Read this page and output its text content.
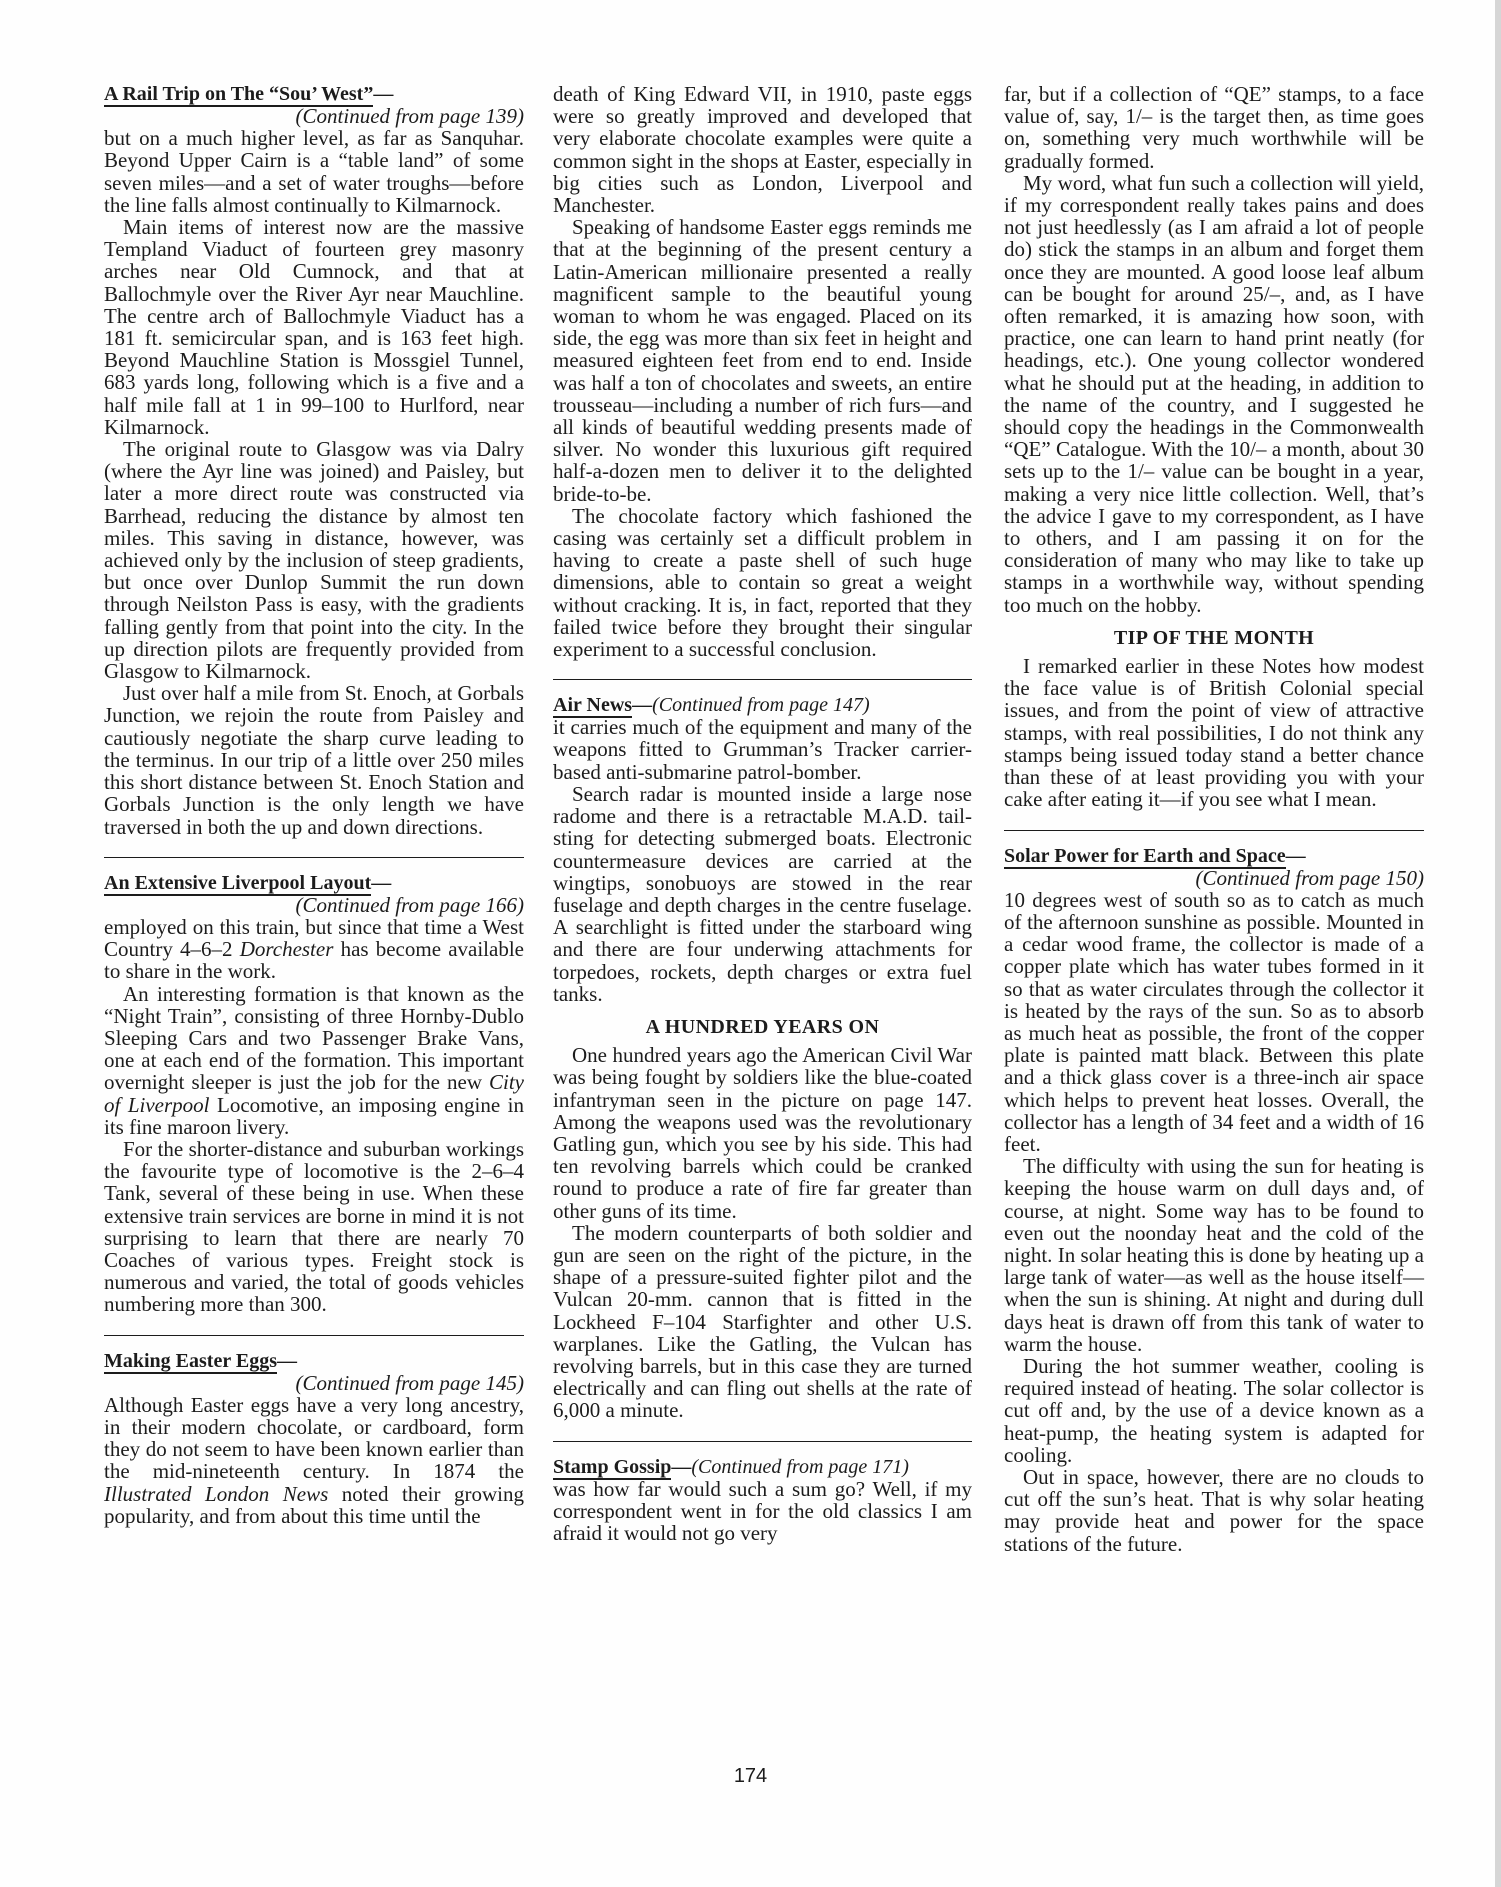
A Rail Trip on The “Sou’ West”—
(Continued from page 139)

but on a much higher level, as far as Sanquhar. Beyond Upper Cairn is a “table land” of some seven miles—and a set of water troughs—before the line falls almost continually to Kilmarnock.

Main items of interest now are the massive Templand Viaduct of fourteen grey masonry arches near Old Cumnock, and that at Ballochmyle over the River Ayr near Mauchline. The centre arch of Ballochmyle Viaduct has a 181 ft. semicircular span, and is 163 feet high. Beyond Mauchline Station is Mossgiel Tunnel, 683 yards long, following which is a five and a half mile fall at 1 in 99–100 to Hurlford, near Kilmarnock.

The original route to Glasgow was via Dalry (where the Ayr line was joined) and Paisley, but later a more direct route was constructed via Barrhead, reducing the distance by almost ten miles. This saving in distance, however, was achieved only by the inclusion of steep gradients, but once over Dunlop Summit the run down through Neilston Pass is easy, with the gradients falling gently from that point into the city. In the up direction pilots are frequently provided from Glasgow to Kilmarnock.

Just over half a mile from St. Enoch, at Gorbals Junction, we rejoin the route from Paisley and cautiously negotiate the sharp curve leading to the terminus. In our trip of a little over 250 miles this short distance between St. Enoch Station and Gorbals Junction is the only length we have traversed in both the up and down directions.

An Extensive Liverpool Layout—
(Continued from page 166)

employed on this train, but since that time a West Country 4–6–2 Dorchester has become available to share in the work.

An interesting formation is that known as the “Night Train”, consisting of three Hornby-Dublo Sleeping Cars and two Passenger Brake Vans, one at each end of the formation. This important overnight sleeper is just the job for the new City of Liverpool Locomotive, an imposing engine in its fine maroon livery.

For the shorter-distance and suburban workings the favourite type of locomotive is the 2–6–4 Tank, several of these being in use. When these extensive train services are borne in mind it is not surprising to learn that there are nearly 70 Coaches of various types. Freight stock is numerous and varied, the total of goods vehicles numbering more than 300.

Making Easter Eggs—
(Continued from page 145)

Although Easter eggs have a very long ancestry, in their modern chocolate, or cardboard, form they do not seem to have been known earlier than the mid-nineteenth century. In 1874 the Illustrated London News noted their growing popularity, and from about this time until the

death of King Edward VII, in 1910, paste eggs were so greatly improved and developed that very elaborate chocolate examples were quite a common sight in the shops at Easter, especially in big cities such as London, Liverpool and Manchester.

Speaking of handsome Easter eggs reminds me that at the beginning of the present century a Latin-American millionaire presented a really magnificent sample to the beautiful young woman to whom he was engaged. Placed on its side, the egg was more than six feet in height and measured eighteen feet from end to end. Inside was half a ton of chocolates and sweets, an entire trousseau—including a number of rich furs—and all kinds of beautiful wedding presents made of silver. No wonder this luxurious gift required half-a-dozen men to deliver it to the delighted bride-to-be.

The chocolate factory which fashioned the casing was certainly set a difficult problem in having to create a paste shell of such huge dimensions, able to contain so great a weight without cracking. It is, in fact, reported that they failed twice before they brought their singular experiment to a successful conclusion.

Air News—(Continued from page 147)

it carries much of the equipment and many of the weapons fitted to Grumman’s Tracker carrier-based anti-submarine patrol-bomber.

Search radar is mounted inside a large nose radome and there is a retractable M.A.D. tail-sting for detecting submerged boats. Electronic countermeasure devices are carried at the wingtips, sonobuoys are stowed in the rear fuselage and depth charges in the centre fuselage. A searchlight is fitted under the starboard wing and there are four underwing attachments for torpedoes, rockets, depth charges or extra fuel tanks.

A HUNDRED YEARS ON

One hundred years ago the American Civil War was being fought by soldiers like the blue-coated infantryman seen in the picture on page 147. Among the weapons used was the revolutionary Gatling gun, which you see by his side. This had ten revolving barrels which could be cranked round to produce a rate of fire far greater than other guns of its time.

The modern counterparts of both soldier and gun are seen on the right of the picture, in the shape of a pressure-suited fighter pilot and the Vulcan 20-mm. cannon that is fitted in the Lockheed F–104 Starfighter and other U.S. warplanes. Like the Gatling, the Vulcan has revolving barrels, but in this case they are turned electrically and can fling out shells at the rate of 6,000 a minute.

Stamp Gossip—(Continued from page 171)

was how far would such a sum go? Well, if my correspondent went in for the old classics I am afraid it would not go very

far, but if a collection of “QE” stamps, to a face value of, say, 1/– is the target then, as time goes on, something very much worthwhile will be gradually formed.

My word, what fun such a collection will yield, if my correspondent really takes pains and does not just heedlessly (as I am afraid a lot of people do) stick the stamps in an album and forget them once they are mounted. A good loose leaf album can be bought for around 25/–, and, as I have often remarked, it is amazing how soon, with practice, one can learn to hand print neatly (for headings, etc.). One young collector wondered what he should put at the heading, in addition to the name of the country, and I suggested he should copy the headings in the Commonwealth “QE” Catalogue. With the 10/– a month, about 30 sets up to the 1/– value can be bought in a year, making a very nice little collection. Well, that’s the advice I gave to my correspondent, as I have to others, and I am passing it on for the consideration of many who may like to take up stamps in a worthwhile way, without spending too much on the hobby.

TIP OF THE MONTH

I remarked earlier in these Notes how modest the face value is of British Colonial special issues, and from the point of view of attractive stamps, with real possibilities, I do not think any stamps being issued today stand a better chance than these of at least providing you with your cake after eating it—if you see what I mean.

Solar Power for Earth and Space—
(Continued from page 150)

10 degrees west of south so as to catch as much of the afternoon sunshine as possible. Mounted in a cedar wood frame, the collector is made of a copper plate which has water tubes formed in it so that as water circulates through the collector it is heated by the rays of the sun. So as to absorb as much heat as possible, the front of the copper plate is painted matt black. Between this plate and a thick glass cover is a three-inch air space which helps to prevent heat losses. Overall, the collector has a length of 34 feet and a width of 16 feet.

The difficulty with using the sun for heating is keeping the house warm on dull days and, of course, at night. Some way has to be found to even out the noonday heat and the cold of the night. In solar heating this is done by heating up a large tank of water—as well as the house itself—when the sun is shining. At night and during dull days heat is drawn off from this tank of water to warm the house.

During the hot summer weather, cooling is required instead of heating. The solar collector is cut off and, by the use of a device known as a heat-pump, the heating system is adapted for cooling.

Out in space, however, there are no clouds to cut off the sun’s heat. That is why solar heating may provide heat and power for the space stations of the future.

174
